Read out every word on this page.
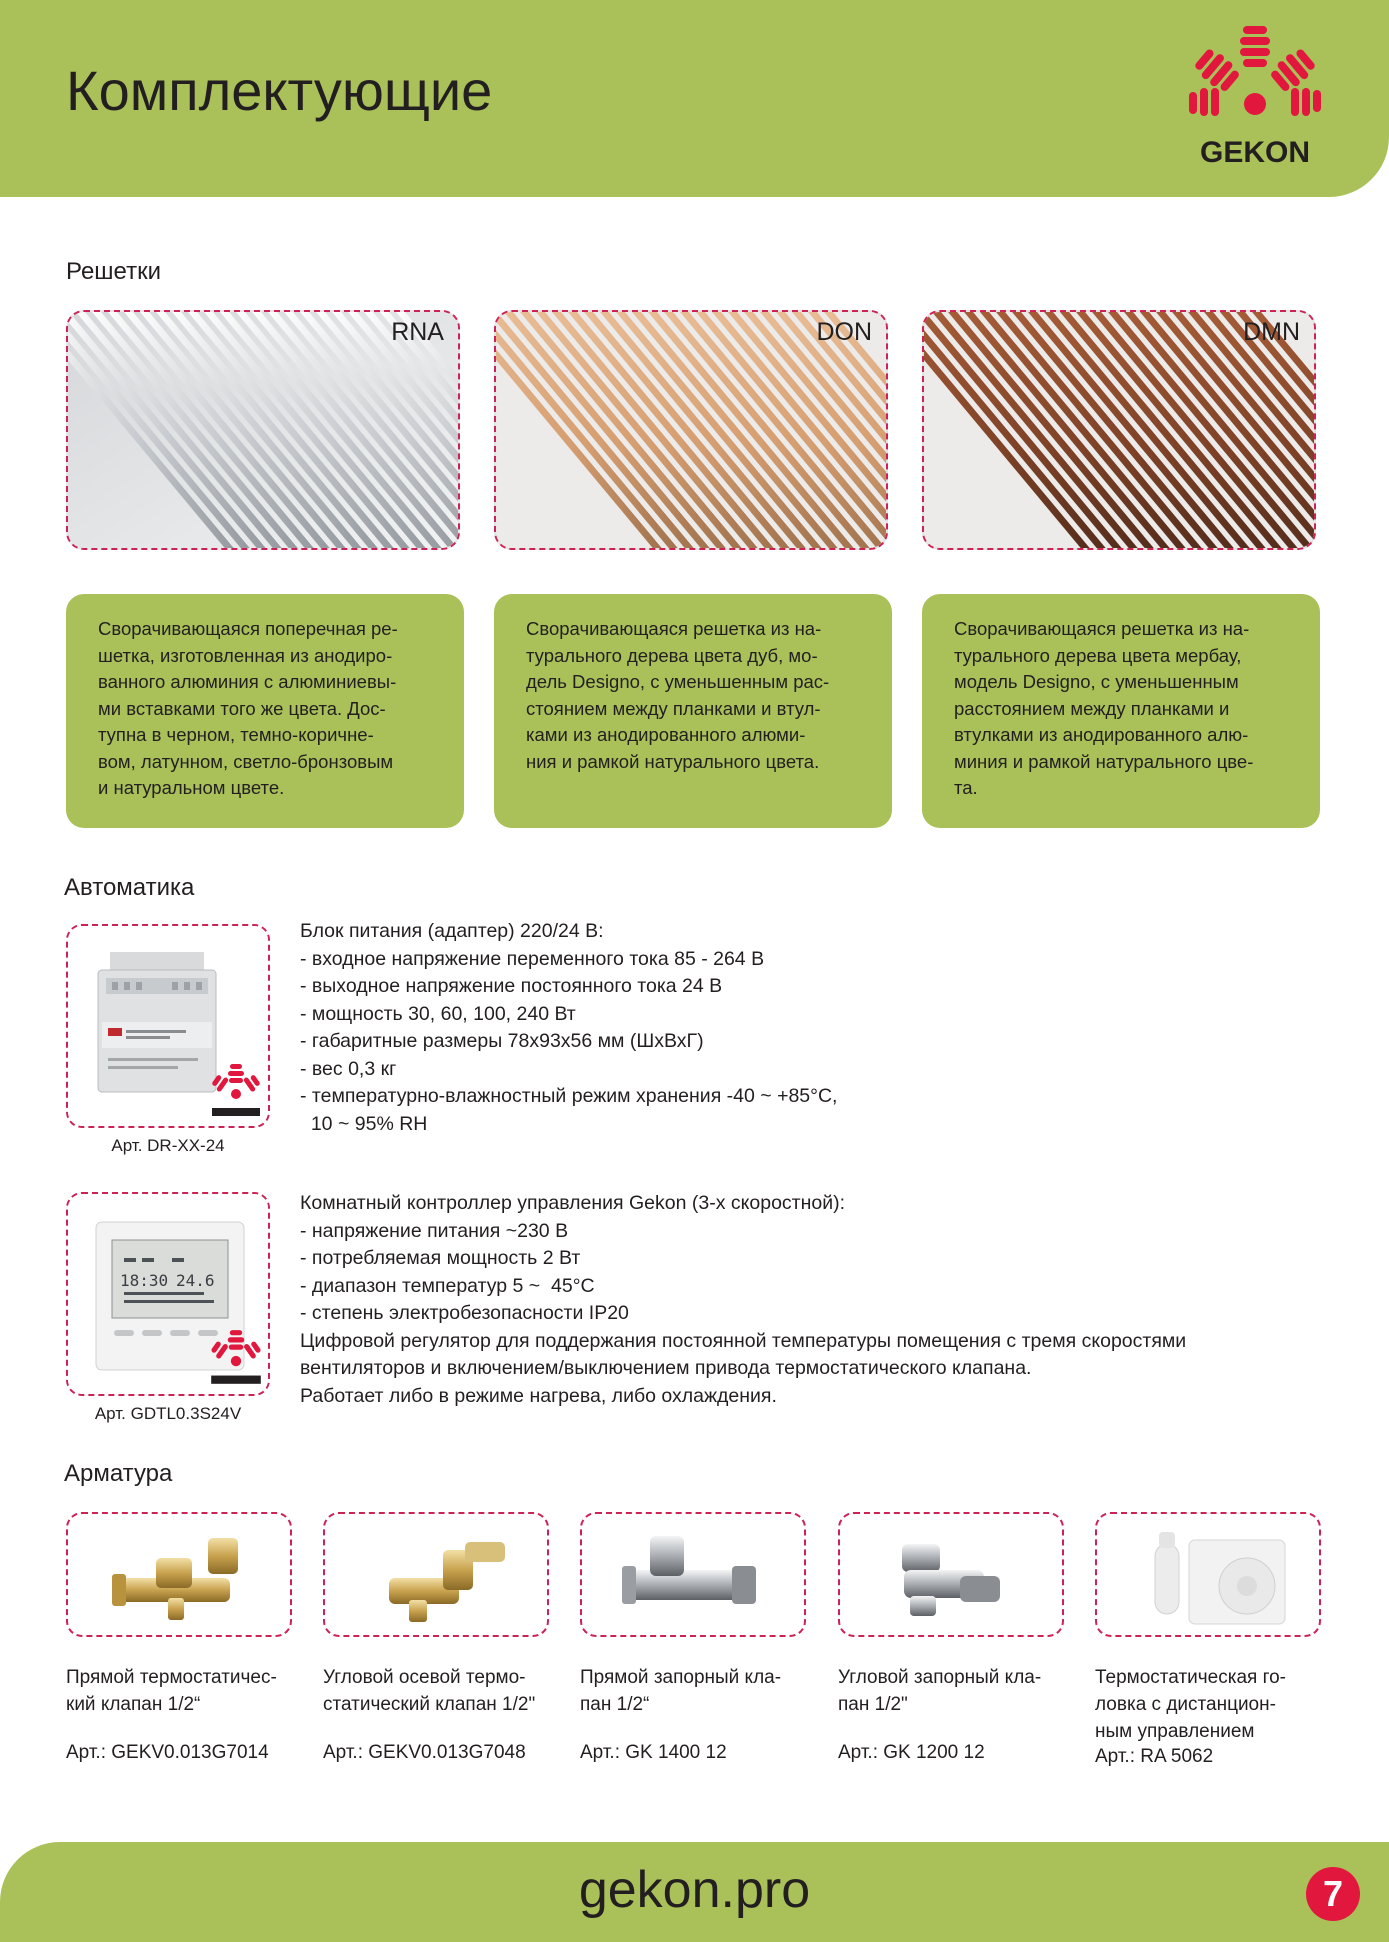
Комплектующие
GEKON
Решетки
RNA	DON	DMN
Сворачивающаяся поперечная ре-
шетка, изготовленная из анодиро-
ванного алюминия с алюминиевы-
ми вставками того же цвета. Дос-
тупна в черном, темно-коричне-
вом, латунном, светло-бронзовым
и натуральном цвете.
Сворачивающаяся решетка из на-
турального дерева цвета дуб, мо-
дель Designo, с уменьшенным рас-
стоянием между планками и втул-
ками из анодированного алюми-
ния и рамкой натурального цвета.
Сворачивающаяся решетка из на-
турального дерева цвета мербау,
модель Designo, с уменьшенным
расстоянием между планками и
втулками из анодированного алю-
миния и рамкой натурального цве-
та.
Автоматика
Арт. DR-XX-24
Блок питания (адаптер) 220/24 В:
- входное напряжение переменного тока 85 - 264 В
- выходное напряжение постоянного тока 24 В
- мощность 30, 60, 100, 240 Вт
- габаритные размеры 78х93х56 мм (ШхВхГ)
- вес 0,3 кг
- температурно-влажностный режим хранения -40 ~ +85°С,
10 ~ 95% RH
18:30 24.6
Арт. GDTL0.3S24V
Комнатный контроллер управления Gekon (3-х скоростной):
- напряжение питания ~230 В
- потребляемая мощность 2 Вт
- диапазон температур 5 ~  45°С
- степень электробезопасности IP20
Цифровой регулятор для поддержания постоянной температуры помещения с тремя скоростями
вентиляторов и включением/выключением привода термостатического клапана.
Работает либо в режиме нагрева, либо охлаждения.
Арматура
Прямой термостатичес-
кий клапан 1/2“
Угловой осевой термо-
статический клапан 1/2"
Прямой запорный кла-
пан 1/2“
Угловой запорный кла-
пан 1/2"
Термостатическая го-
ловка с дистанцион-
ным управлением
Арт.: GEKV0.013G7014	Арт.: GEKV0.013G7048	Арт.: GK 1400 12	Арт.: GK 1200 12	Арт.: RA 5062
gekon.pro	7
